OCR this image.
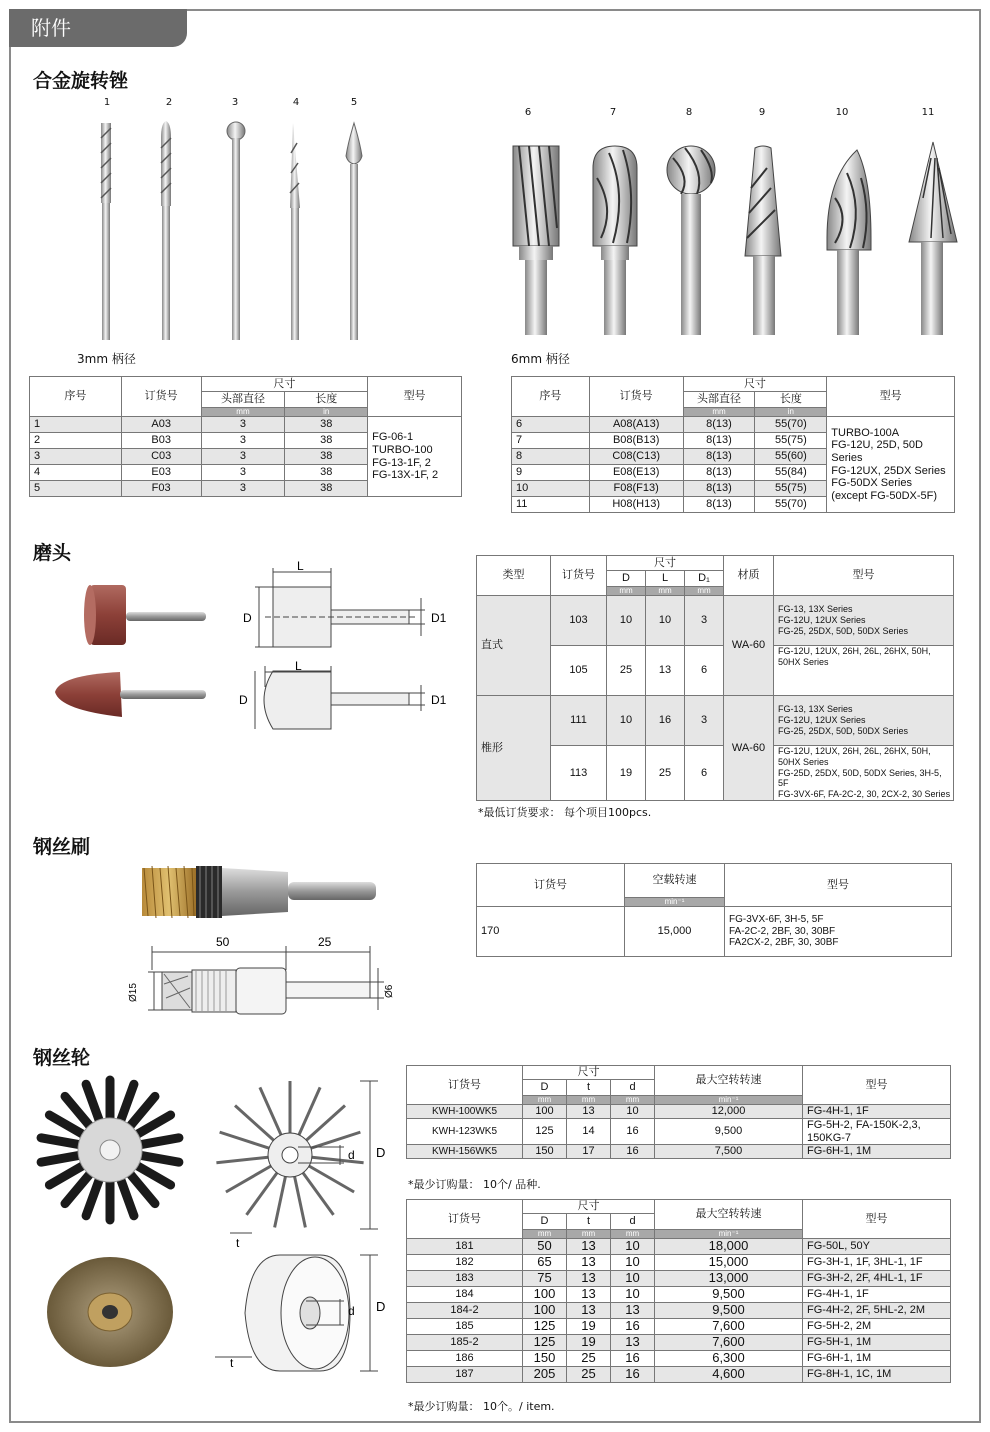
附件
合金旋转锉
1	2	3	4	5
6	7	8	9	10	11
3mm 柄径	6mm 柄径
序号	订货号	尺寸		型号
		头部直径	长度	
		mm	in	
1	A03	3	38	FG-06-1
TURBO-100
FG-13-1F, 2
FG-13X-1F, 2

2	B03	3	38	
3	C03	3	38	
4	E03	3	38	
5	F03	3	38	
序号	订货号	尺寸		型号
		头部直径	长度	
		mm	in	
6	A08(A13)	8(13)	55(70)	TURBO-100A
FG-12U, 25D, 50D Series
FG-12UX, 25DX Series
FG-50DX Series
(except FG-50DX-5F)

7	B08(B13)	8(13)	55(75)	
8	C08(C13)	8(13)	55(60)	
9	E08(E13)	8(13)	55(84)	
10	F08(F13)	8(13)	55(75)	
11	H08(H13)	8(13)	55(70)	
磨头
L
D	D1
L
D	D1
类型	订货号	尺寸			材质	型号
		D	L	D₁		
		mm	mm	mm		
直式	103	10	10	3	WA-60	FG-13, 13X Series
FG-12U, 12UX Series
FG-25, 25DX, 50D, 50DX Series

	105	25	13	6		FG-12U, 12UX, 26H, 26L, 26HX, 50H, 50HX Series

椎形	111	10	16	3	WA-60	FG-13, 13X Series
FG-12U, 12UX Series
FG-25, 25DX, 50D, 50DX Series

	113	19	25	6		FG-12U, 12UX, 26H, 26L, 26HX, 50H, 50HX Series
FG-25D, 25DX, 50D, 50DX Series, 3H-5, 5F
FG-3VX-6F, FA-2C-2, 30, 2CX-2, 30 Series
*最低订货要求： 每个项目100pcs.
钢丝刷
50	25
Ø15	Ø6
订货号	空载转速	型号
	min⁻¹	
170	15,000	FG-3VX-6F, 3H-5, 5F
FA-2C-2, 2BF, 30, 30BF
FA2CX-2, 2BF, 30, 30BF
钢丝轮
D
d
t
D
d
t
订货号	尺寸			最大空转转速	型号
	D	t	d		
	mm	mm	mm	min⁻¹	
KWH-100WK5	100	13	10	12,000	FG-4H-1, 1F
KWH-123WK5	125	14	16	9,500	FG-5H-2, FA-150K-2,3, 150KG-7
KWH-156WK5	150	17	16	7,500	FG-6H-1, 1M
*最少订购量： 10个/ 品种.
订货号	尺寸			最大空转转速	型号
	D	t	d		
	mm	mm	mm	min⁻¹	
181	50	13	10	18,000	FG-50L, 50Y
182	65	13	10	15,000	FG-3H-1, 1F, 3HL-1, 1F
183	75	13	10	13,000	FG-3H-2, 2F, 4HL-1, 1F
184	100	13	10	9,500	FG-4H-1, 1F
184-2	100	13	13	9,500	FG-4H-2, 2F, 5HL-2, 2M
185	125	19	16	7,600	FG-5H-2, 2M
185-2	125	19	13	7,600	FG-5H-1, 1M
186	150	25	16	6,300	FG-6H-1, 1M
187	205	25	16	4,600	FG-8H-1, 1C, 1M
*最少订购量： 10个。/ item.
